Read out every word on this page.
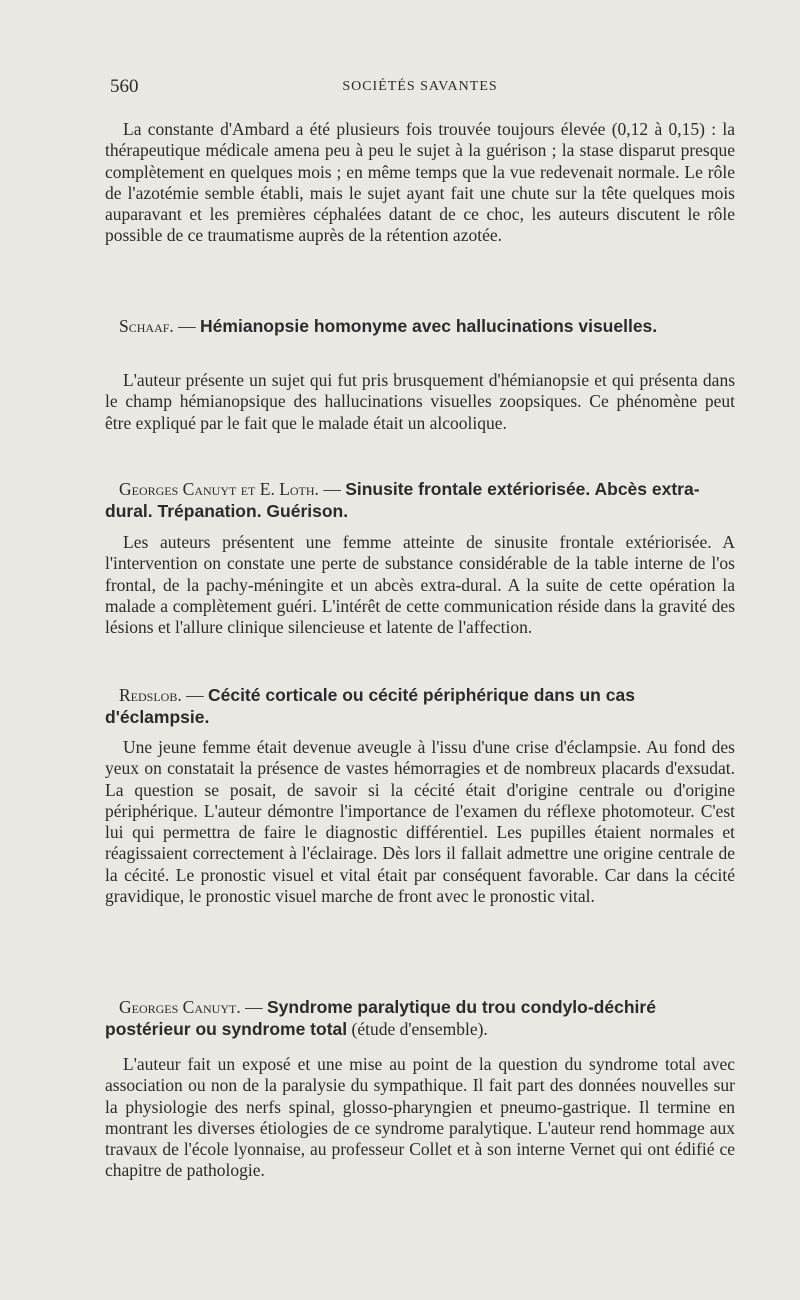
560	SOCIÉTÉS SAVANTES

La constante d'Ambard a été plusieurs fois trouvée toujours élevée (0,12 à 0,15) : la thérapeutique médicale amena peu à peu le sujet à la guérison ; la stase disparut presque complètement en quelques mois ; en même temps que la vue redevenait normale. Le rôle de l'azotémie semble établi, mais le sujet ayant fait une chute sur la tête quelques mois auparavant et les premières céphalées datant de ce choc, les auteurs discutent le rôle possible de ce traumatisme auprès de la rétention azotée.

Schaaf. — Hémianopsie homonyme avec hallucinations visuelles.

L'auteur présente un sujet qui fut pris brusquement d'hémianopsie et qui présenta dans le champ hémianopsique des hallucinations visuelles zoopsiques. Ce phénomène peut être expliqué par le fait que le malade était un alcoolique.

Georges Canuyt et E. Loth. — Sinusite frontale extériorisée. Abcès extra-dural. Trépanation. Guérison.

Les auteurs présentent une femme atteinte de sinusite frontale extériorisée. A l'intervention on constate une perte de substance considérable de la table interne de l'os frontal, de la pachy-méningite et un abcès extra-dural. A la suite de cette opération la malade a complètement guéri. L'intérêt de cette communication réside dans la gravité des lésions et l'allure clinique silencieuse et latente de l'affection.

Redslob. — Cécité corticale ou cécité périphérique dans un cas d'éclampsie.

Une jeune femme était devenue aveugle à l'issu d'une crise d'éclampsie. Au fond des yeux on constatait la présence de vastes hémorragies et de nombreux placards d'exsudat. La question se posait, de savoir si la cécité était d'origine centrale ou d'origine périphérique. L'auteur démontre l'importance de l'examen du réflexe photomoteur. C'est lui qui permettra de faire le diagnostic différentiel. Les pupilles étaient normales et réagissaient correctement à l'éclairage. Dès lors il fallait admettre une origine centrale de la cécité. Le pronostic visuel et vital était par conséquent favorable. Car dans la cécité gravidique, le pronostic visuel marche de front avec le pronostic vital.

Georges Canuyt. — Syndrome paralytique du trou condylo-déchiré postérieur ou syndrome total (étude d'ensemble).

L'auteur fait un exposé et une mise au point de la question du syndrome total avec association ou non de la paralysie du sympathique. Il fait part des données nouvelles sur la physiologie des nerfs spinal, glosso-pharyngien et pneumo-gastrique. Il termine en montrant les diverses étiologies de ce syndrome paralytique. L'auteur rend hommage aux travaux de l'école lyonnaise, au professeur Collet et à son interne Vernet qui ont édifié ce chapitre de pathologie.
